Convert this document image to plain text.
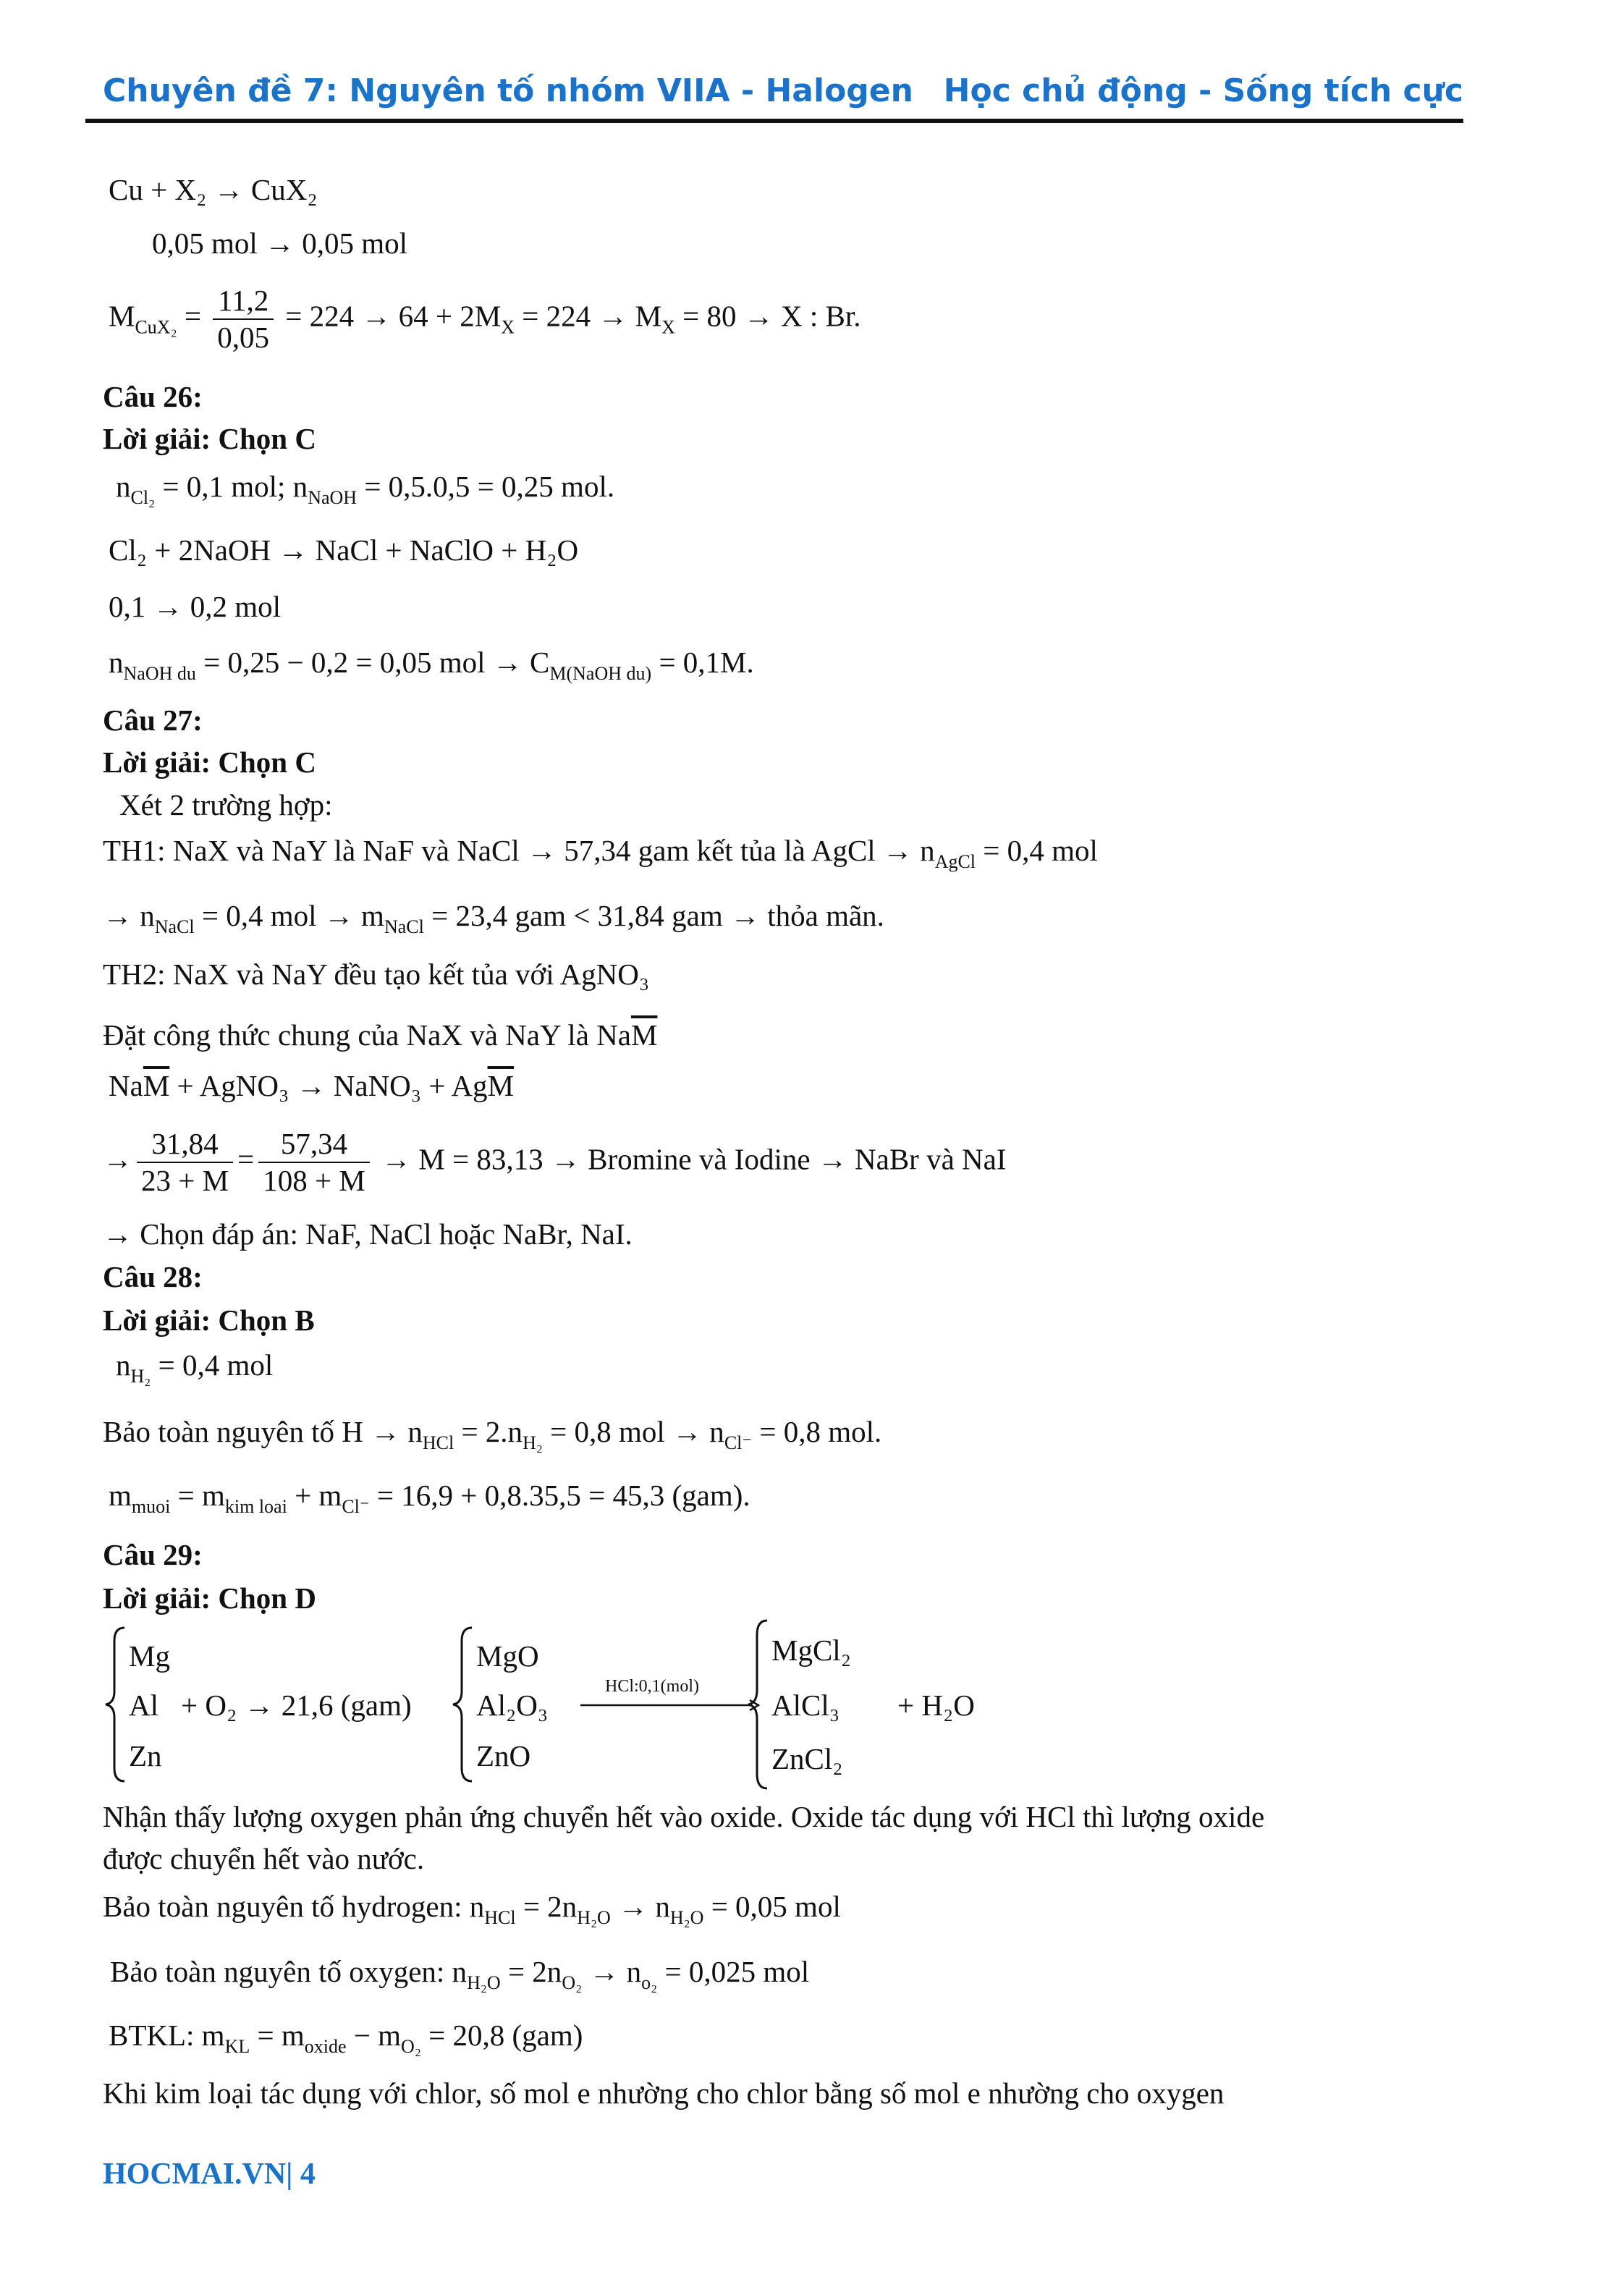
Chuyên đề 7: Nguyên tố nhóm VIIA - Halogen Học chủ động - Sống tích cực
Cu + X₂ → CuX₂
0,05 mol → 0,05 mol
$M_{CuX_2} = \frac{11,2}{0,05} = 224 \to 64 + 2M_X = 224 \to M_X = 80 \to X$ : Br.
Câu 26:
Lời giải: Chọn C
$n_{Cl_2} = 0,1$ mol; $n_{NaOH} = 0,5.0,5 = 0,25$ mol.
Cl₂ + 2NaOH → NaCl + NaClO + H₂O
0,1 → 0,2 mol
$n_{NaOH du} = 0,25 - 0,2 = 0,05$ mol → $C_{M(NaOH du)} = 0,1M$.
Câu 27:
Lời giải: Chọn C
Xét 2 trường hợp:
TH1: NaX và NaY là NaF và NaCl → 57,34 gam kết tủa là AgCl → $n_{AgCl} = 0,4$ mol
→ $n_{NaCl} = 0,4$ mol → $m_{NaCl} = 23,4$ gam < 31,84 gam → thỏa mãn.
TH2: NaX và NaY đều tạo kết tủa với AgNO₃
Đặt công thức chung của NaX và NaY là $Na\overline{M}$
$Na\overline{M}$ + AgNO₃ → NaNO₃ + $Ag\overline{M}$
→ $\frac{31,84}{23 + M} = \frac{57,34}{108 + M} \to M = 83,13 \to Bromine$ và Iodine → NaBr và NaI
→ Chọn đáp án: NaF, NaCl hoặc NaBr, NaI.
Câu 28:
Lời giải: Chọn B
$n_{H_2} = 0,4$ mol
Bảo toàn nguyên tố $H \to n_{HCl} = 2.n_{H_2} = 0,8$ mol → $n_{Cl^-} = 0,8$ mol.
$m_{muoi} = m_{kim loai} + m_{Cl^-} = 16,9 + 0,8.35,5 = 45,3$ (gam).
Câu 29:
Lời giải: Chọn D
Mg
Al
Zn
+ O₂ → 21,6 (gam)
MgO
Al₂O₃
ZnO
HCl:0,1(mol)
MgCl₂
AlCl₃
ZnCl₂
+ H₂O
Nhận thấy lượng oxygen phản ứng chuyển hết vào oxide. Oxide tác dụng với HCl thì lượng oxide
được chuyển hết vào nước.
Bảo toàn nguyên tố hydrogen: $n_{HCl} = 2n_{H_2O} \to n_{H_2O} = 0,05$ mol
Bảo toàn nguyên tố oxygen: $n_{H_2O} = 2n_{O_2} \to n_{o_2} = 0,025$ mol
BTKL: $m_{KL} = m_{oxide} - m_{O_2} = 20,8$ (gam)
Khi kim loại tác dụng với chlor, số mol e nhường cho chlor bằng số mol e nhường cho oxygen
HOCMAI.VN| 4
